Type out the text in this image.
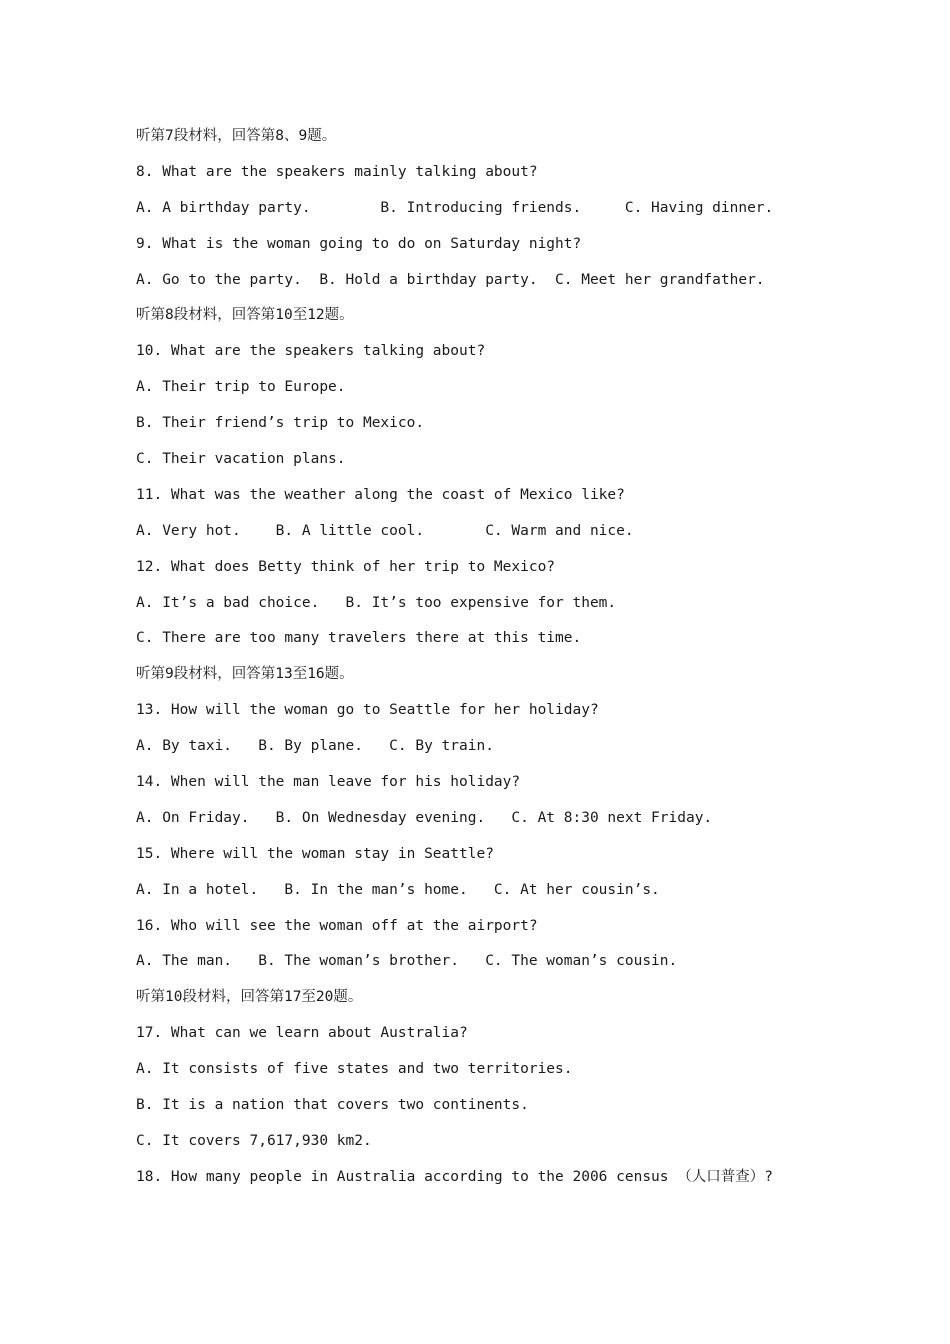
听第7段材料，回答第8、9题。
8. What are the speakers mainly talking about?
A. A birthday party.        B. Introducing friends.     C. Having dinner.
9. What is the woman going to do on Saturday night?
A. Go to the party.  B. Hold a birthday party.  C. Meet her grandfather.
听第8段材料，回答第10至12题。
10. What are the speakers talking about?
A. Their trip to Europe.
B. Their friend’s trip to Mexico.
C. Their vacation plans.
11. What was the weather along the coast of Mexico like?
A. Very hot.    B. A little cool.       C. Warm and nice.
12. What does Betty think of her trip to Mexico?
A. It’s a bad choice.   B. It’s too expensive for them.
C. There are too many travelers there at this time.
听第9段材料，回答第13至16题。
13. How will the woman go to Seattle for her holiday?
A. By taxi.   B. By plane.   C. By train.
14. When will the man leave for his holiday?
A. On Friday.   B. On Wednesday evening.   C. At 8:30 next Friday.
15. Where will the woman stay in Seattle?
A. In a hotel.   B. In the man’s home.   C. At her cousin’s.
16. Who will see the woman off at the airport?
A. The man.   B. The woman’s brother.   C. The woman’s cousin.
听第10段材料，回答第17至20题。
17. What can we learn about Australia?
A. It consists of five states and two territories.
B. It is a nation that covers two continents.
C. It covers 7,617,930 km2.
18. How many people in Australia according to the 2006 census （人口普查）?
